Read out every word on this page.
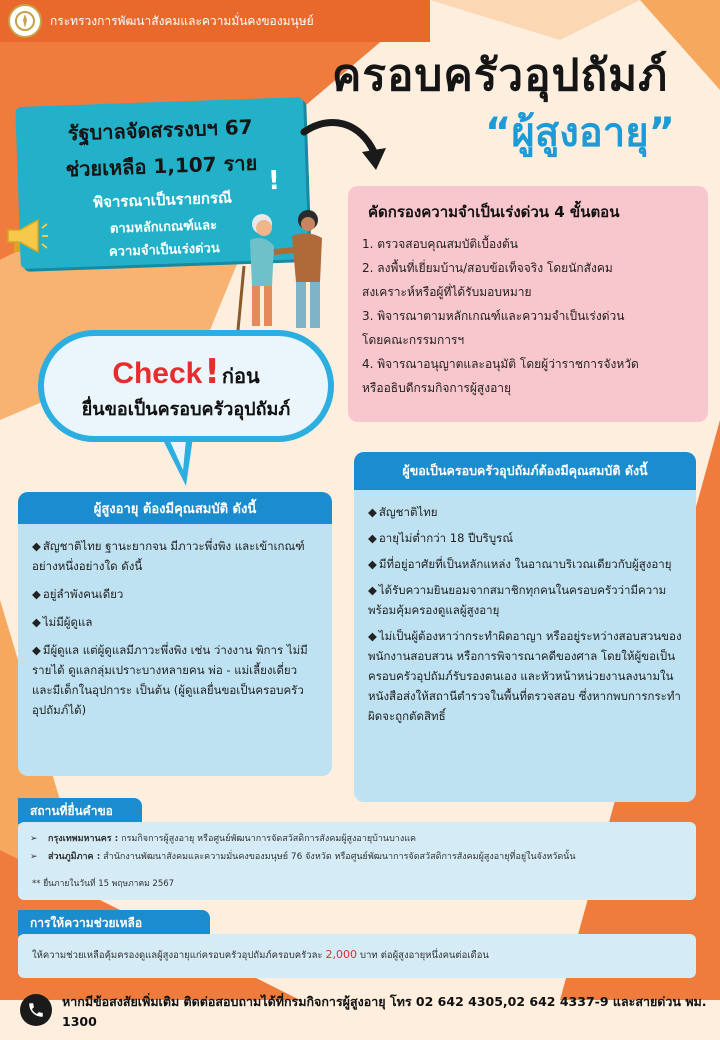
กระทรวงการพัฒนาสังคมและความมั่นคงของมนุษย์
ครอบครัวอุปถัมภ์
“ผู้สูงอายุ”
รัฐบาลจัดสรรงบฯ 67
ช่วยเหลือ 1,107 ราย
พิจารณาเป็นรายกรณี
ตามหลักเกณฑ์และ
ความจำเป็นเร่งด่วน
!
คัดกรองความจำเป็นเร่งด่วน 4 ขั้นตอน
1. ตรวจสอบคุณสมบัติเบื้องต้น
2. ลงพื้นที่เยี่ยมบ้าน/สอบข้อเท็จจริง โดยนักสังคม
สงเคราะห์หรือผู้ที่ได้รับมอบหมาย
3. พิจารณาตามหลักเกณฑ์และความจำเป็นเร่งด่วน
โดยคณะกรรมการฯ
4. พิจารณาอนุญาตและอนุมัติ โดยผู้ว่าราชการจังหวัด
หรืออธิบดีกรมกิจการผู้สูงอายุ
Check! ก่อน
ยื่นขอเป็นครอบครัวอุปถัมภ์
ผู้สูงอายุ ต้องมีคุณสมบัติ ดังนี้
◆ สัญชาติไทย ฐานะยากจน มีภาวะพึ่งพิง และเข้าเกณฑ์อย่างหนึ่งอย่างใด ดังนี้
◆ อยู่ลำพังคนเดียว
◆ ไม่มีผู้ดูแล
◆ มีผู้ดูแล แต่ผู้ดูแลมีภาวะพึ่งพิง เช่น ว่างงาน พิการ ไม่มีรายได้ ดูแลกลุ่มเปราะบางหลายคน พ่อ - แม่เลี้ยงเดี่ยว และมีเด็กในอุปการะ เป็นต้น (ผู้ดูแลยื่นขอเป็นครอบครัวอุปถัมภ์ได้)
ผู้ขอเป็นครอบครัวอุปถัมภ์ต้องมีคุณสมบัติ ดังนี้
◆ สัญชาติไทย
◆ อายุไม่ต่ำกว่า 18 ปีบริบูรณ์
◆ มีที่อยู่อาศัยที่เป็นหลักแหล่ง ในอาณาบริเวณเดียวกับผู้สูงอายุ
◆ ได้รับความยินยอมจากสมาชิกทุกคนในครอบครัวว่ามีความพร้อมคุ้มครองดูแลผู้สูงอายุ
◆ ไม่เป็นผู้ต้องหาว่ากระทำผิดอาญา หรืออยู่ระหว่างสอบสวนของพนักงานสอบสวน หรือการพิจารณาคดีของศาล โดยให้ผู้ขอเป็นครอบครัวอุปถัมภ์รับรองตนเอง และหัวหน้าหน่วยงานลงนามในหนังสือส่งให้สถานีตำรวจในพื้นที่ตรวจสอบ ซึ่งหากพบการกระทำผิดจะถูกตัดสิทธิ์
สถานที่ยื่นคำขอ
➢ กรุงเทพมหานคร : กรมกิจการผู้สูงอายุ หรือศูนย์พัฒนาการจัดสวัสดิการสังคมผู้สูงอายุบ้านบางแค
➢ ส่วนภูมิภาค : สำนักงานพัฒนาสังคมและความมั่นคงของมนุษย์ 76 จังหวัด หรือศูนย์พัฒนาการจัดสวัสดิการสังคมผู้สูงอายุที่อยู่ในจังหวัดนั้น
** ยื่นภายในวันที่ 15 พฤษภาคม 2567
การให้ความช่วยเหลือ
ให้ความช่วยเหลือคุ้มครองดูแลผู้สูงอายุแก่ครอบครัวอุปถัมภ์ครอบครัวละ 2,000 บาท ต่อผู้สูงอายุหนึ่งคนต่อเดือน
หากมีข้อสงสัยเพิ่มเติม ติดต่อสอบถามได้ที่กรมกิจการผู้สูงอายุ โทร 02 642 4305,02 642 4337-9 และสายด่วน พม. 1300
